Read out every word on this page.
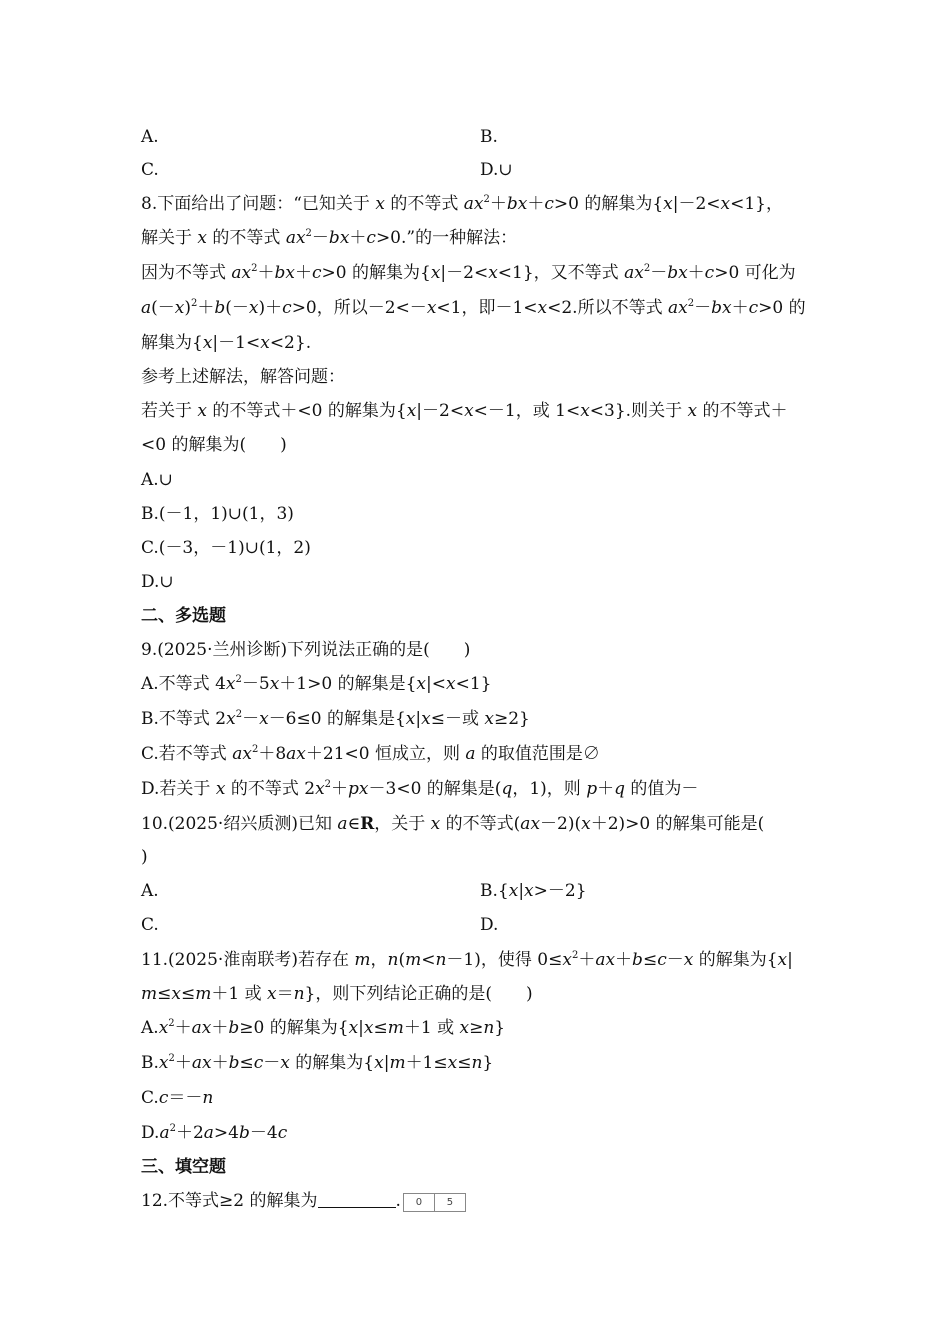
A.	B.
C.	D.∪
8.下面给出了问题：“已知关于 x 的不等式 $ax^2+bx+c>0$ 的解集为{x|－2<x<1}，
解关于 x 的不等式 $ax^2-bx+c>0$.”的一种解法：
因为不等式 $ax^2+bx+c>0$ 的解集为{x|－2<x<1}，又不等式 $ax^2-bx+c>0$ 可化为
$a(-x)^2+b(-x)+c>0$，所以－2<－x<1，即－1<x<2.所以不等式 $ax^2-bx+c>0$ 的
解集为{x|－1<x<2}.
参考上述解法，解答问题：
若关于 x 的不等式＋<0 的解集为{x|－2<x<－1，或 1<x<3}.则关于 x 的不等式＋
<0 的解集为(　　)
A.∪
B.(－1，1)∪(1，3)
C.(－3，－1)∪(1，2)
D.∪
二、多选题
9.(2025·兰州诊断)下列说法正确的是(　　)
A.不等式 $4x^2-5x+1>0$ 的解集是{x|<x<1}
B.不等式 $2x^2-x-6\le 0$ 的解集是{x|x≤－或 x≥2}
C.若不等式 $ax^2+8ax+21<0$ 恒成立，则 a 的取值范围是∅
D.若关于 x 的不等式 $2x^2+px-3<0$ 的解集是(q，1)，则 p＋q 的值为－
10.(2025·绍兴质测)已知 a∈R，关于 x 的不等式(ax－2)(x＋2)>0 的解集可能是(
)
A.	B.{x|x>－2}
C.	D.
11.(2025·淮南联考)若存在 m，n(m<n－1)，使得 $0\le x^2+ax+b\le c-x$ 的解集为{x|
m≤x≤m＋1 或 x＝n}，则下列结论正确的是(　　)
$A.x^2+ax+b\ge 0$ 的解集为{x|x≤m＋1 或 x≥n}
$B.x^2+ax+b\le c-x$ 的解集为{x|m＋1≤x≤n}
C.c＝－n
$D.a^2+2a>4b-4c$
三、填空题
12.不等式≥2 的解集为	.	0	5
